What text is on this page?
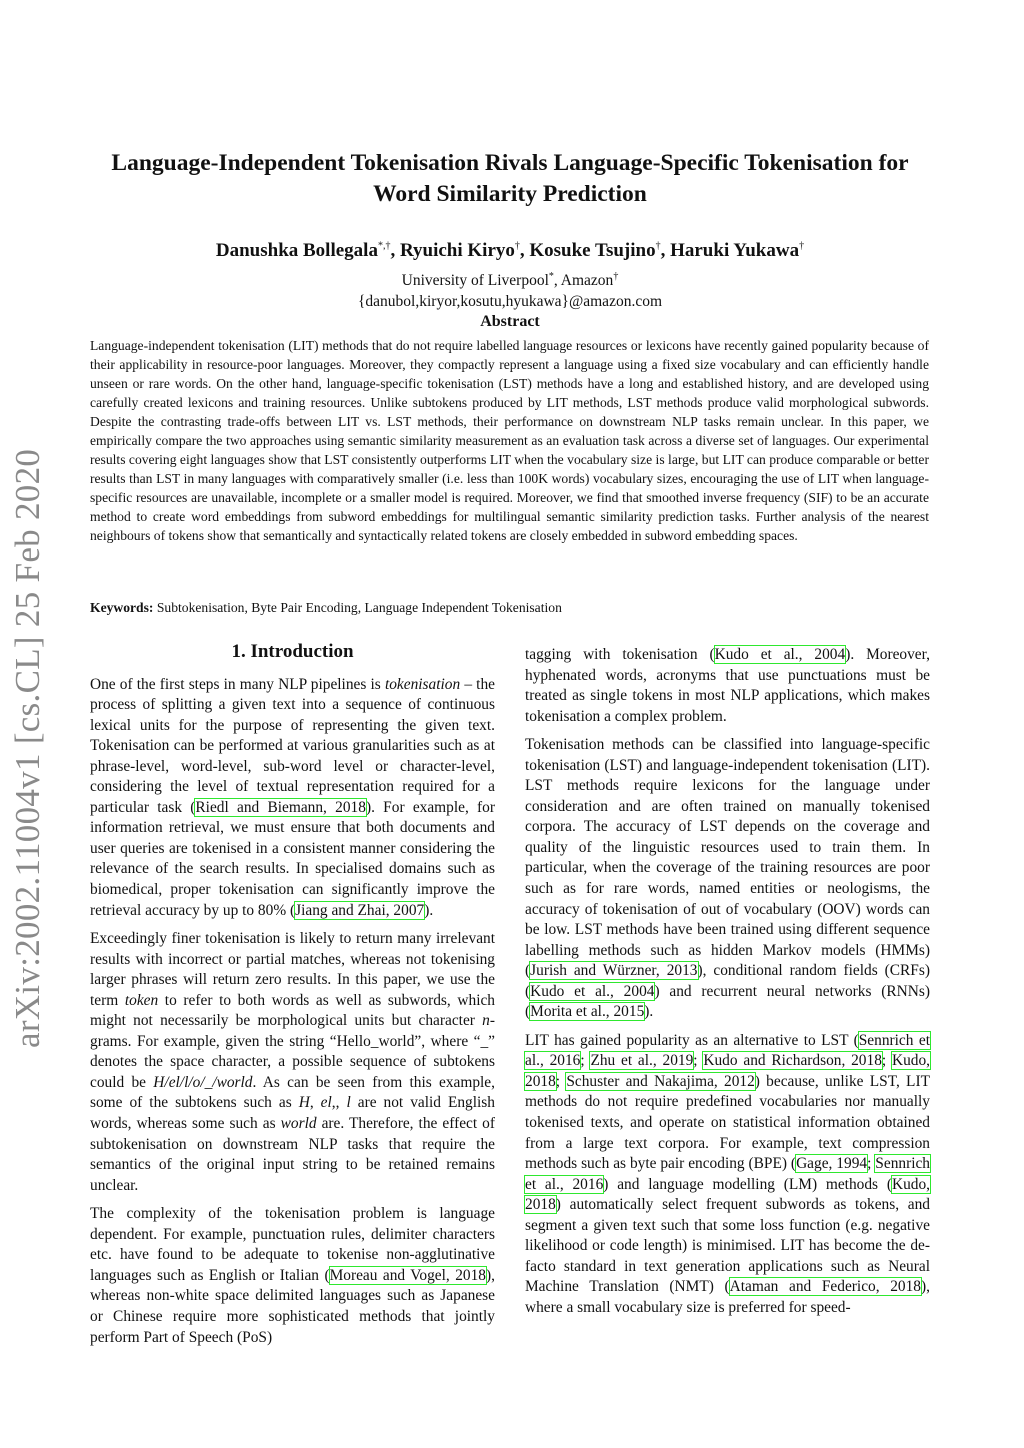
arXiv:2002.11004v1 [cs.CL] 25 Feb 2020
Language-Independent Tokenisation Rivals Language-Specific Tokenisation for
Word Similarity Prediction
Danushka Bollegala*,†, Ryuichi Kiryo†, Kosuke Tsujino†, Haruki Yukawa†
University of Liverpool*, Amazon†
{danubol,kiryor,kosutu,hyukawa}@amazon.com
Abstract
Language-independent tokenisation (LIT) methods that do not require labelled language resources or lexicons have recently gained popularity because of their applicability in resource-poor languages. Moreover, they compactly represent a language using a fixed size vocabulary and can efficiently handle unseen or rare words. On the other hand, language-specific tokenisation (LST) methods have a long and established history, and are developed using carefully created lexicons and training resources. Unlike subtokens produced by LIT methods, LST methods produce valid morphological subwords. Despite the contrasting trade-offs between LIT vs. LST methods, their performance on downstream NLP tasks remain unclear. In this paper, we empirically compare the two approaches using semantic similarity measurement as an evaluation task across a diverse set of languages. Our experimental results covering eight languages show that LST consistently outperforms LIT when the vocabulary size is large, but LIT can produce comparable or better results than LST in many languages with comparatively smaller (i.e. less than 100K words) vocabulary sizes, encouraging the use of LIT when language-specific resources are unavailable, incomplete or a smaller model is required. Moreover, we find that smoothed inverse frequency (SIF) to be an accurate method to create word embeddings from subword embeddings for multilingual semantic similarity prediction tasks. Further analysis of the nearest neighbours of tokens show that semantically and syntactically related tokens are closely embedded in subword embedding spaces.
Keywords: Subtokenisation, Byte Pair Encoding, Language Independent Tokenisation
1. Introduction

One of the first steps in many NLP pipelines is tokenisation – the process of splitting a given text into a sequence of continuous lexical units for the purpose of representing the given text. Tokenisation can be performed at various granularities such as at phrase-level, word-level, sub-word level or character-level, considering the level of textual representation required for a particular task (Riedl and Biemann, 2018). For example, for information retrieval, we must ensure that both documents and user queries are tokenised in a consistent manner considering the relevance of the search results. In specialised domains such as biomedical, proper tokenisation can significantly improve the retrieval accuracy by up to 80% (Jiang and Zhai, 2007).

Exceedingly finer tokenisation is likely to return many irrelevant results with incorrect or partial matches, whereas not tokenising larger phrases will return zero results. In this paper, we use the term token to refer to both words as well as subwords, which might not necessarily be morphological units but character n-grams. For example, given the string “Hello_world”, where “_” denotes the space character, a possible sequence of subtokens could be H/el/l/o/_/world. As can be seen from this example, some of the subtokens such as H, el,, l are not valid English words, whereas some such as world are. Therefore, the effect of subtokenisation on downstream NLP tasks that require the semantics of the original input string to be retained remains unclear.

The complexity of the tokenisation problem is language dependent. For example, punctuation rules, delimiter characters etc. have found to be adequate to tokenise non-agglutinative languages such as English or Italian (Moreau and Vogel, 2018), whereas non-white space delimited languages such as Japanese or Chinese require more sophisticated methods that jointly perform Part of Speech (PoS)

tagging with tokenisation (Kudo et al., 2004). Moreover, hyphenated words, acronyms that use punctuations must be treated as single tokens in most NLP applications, which makes tokenisation a complex problem.

Tokenisation methods can be classified into language-specific tokenisation (LST) and language-independent tokenisation (LIT). LST methods require lexicons for the language under consideration and are often trained on manually tokenised corpora. The accuracy of LST depends on the coverage and quality of the linguistic resources used to train them. In particular, when the coverage of the training resources are poor such as for rare words, named entities or neologisms, the accuracy of tokenisation of out of vocabulary (OOV) words can be low. LST methods have been trained using different sequence labelling methods such as hidden Markov models (HMMs) (Jurish and Würzner, 2013), conditional random fields (CRFs) (Kudo et al., 2004) and recurrent neural networks (RNNs) (Morita et al., 2015).

LIT has gained popularity as an alternative to LST (Sennrich et al., 2016; Zhu et al., 2019; Kudo and Richardson, 2018; Kudo, 2018; Schuster and Nakajima, 2012) because, unlike LST, LIT methods do not require predefined vocabularies nor manually tokenised texts, and operate on statistical information obtained from a large text corpora. For example, text compression methods such as byte pair encoding (BPE) (Gage, 1994; Sennrich et al., 2016) and language modelling (LM) methods (Kudo, 2018) automatically select frequent subwords as tokens, and segment a given text such that some loss function (e.g. negative likelihood or code length) is minimised. LIT has become the de-facto standard in text generation applications such as Neural Machine Translation (NMT) (Ataman and Federico, 2018), where a small vocabulary size is preferred for speed-
